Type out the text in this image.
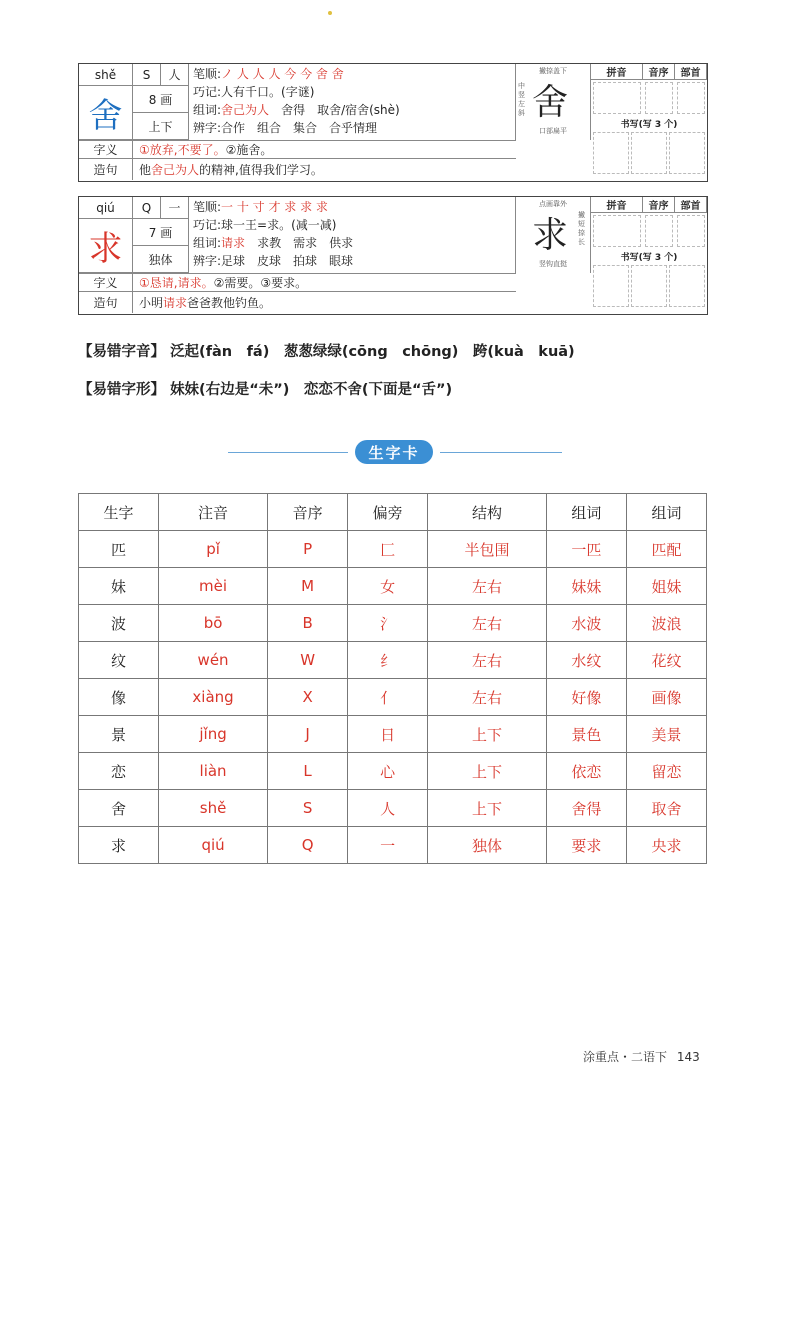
shě S 人
舍 8 画
上下
笔顺:ノ 人 人 人 今 今 舍 舍
巧记:人有千口。(字谜)
组词:舍己为人　舍得　取舍/宿舍(shè)
辨字:合作　组合　集合　合乎情理
撇捺盖下
中竖左斜 舍
口部扁平
拼音	音序	部首
书写(写 3 个)
字义	①放弃,不要了。②施舍。
造句	他舍己为人的精神,值得我们学习。
qiú Q 一
求 7 画
独体
笔顺:一 十 寸 才 求 求 求
巧记:球一王=求。(减一减)
组词:请求　求教　需求　供求
辨字:足球　皮球　拍球　眼球
点画靠外
求 撇短捺长
竖钩直挺
拼音	音序	部首
书写(写 3 个)
字义	①恳请,请求。②需要。③要求。
造句	小明请求爸爸教他钓鱼。
【易错字音】 泛起(fàn　fá)　葱葱绿绿(cōng　chōng)　跨(kuà　kuā)
【易错字形】 妹妹(右边是“未”)　恋恋不舍(下面是“舌”)
生字卡
生字	注音	音序	偏旁	结构	组词	组词
匹	pǐ	P	匚	半包围	一匹	匹配
妹	mèi	M	女	左右	妹妹	姐妹
波	bō	B	氵	左右	水波	波浪
纹	wén	W	纟	左右	水纹	花纹
像	xiàng	X	亻	左右	好像	画像
景	jǐng	J	日	上下	景色	美景
恋	liàn	L	心	上下	依恋	留恋
舍	shě	S	人	上下	舍得	取舍
求	qiú	Q	一	独体	要求	央求
涂重点・二语下 143
